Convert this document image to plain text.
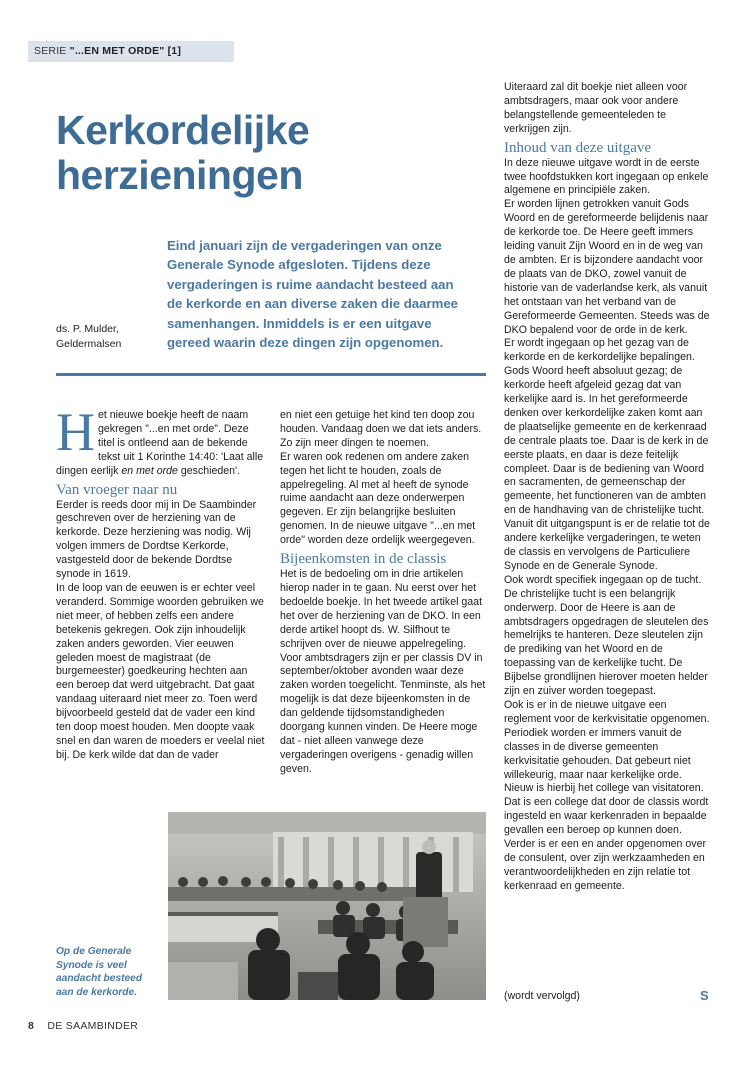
SERIE "...EN MET ORDE" [1]
Kerkordelijke
herzieningen
ds. P. Mulder,
Geldermalsen

Eind januari zijn de vergaderingen van onze Generale Synode afgesloten. Tijdens deze vergaderingen is ruime aandacht besteed aan de kerkorde en aan diverse zaken die daarmee samenhangen. Inmiddels is er een uitgave gereed waarin deze dingen zijn opgenomen.

Het nieuwe boekje heeft de naam gekregen "...en met orde". Deze titel is ontleend aan de bekende tekst uit 1 Korinthe 14:40: 'Laat alle dingen eerlijk en met orde geschieden'.

Van vroeger naar nu

Eerder is reeds door mij in De Saambinder geschreven over de herziening van de kerkorde. Deze herziening was nodig. Wij volgen immers de Dordtse Kerkorde, vastgesteld door de bekende Dordtse synode in 1619.

In de loop van de eeuwen is er echter veel veranderd. Sommige woorden gebruiken we niet meer, of hebben zelfs een andere betekenis gekregen. Ook zijn inhoudelijk zaken anders geworden. Vier eeuwen geleden moest de magistraat (de burgemeester) goedkeuring hechten aan een beroep dat werd uitgebracht. Dat gaat vandaag uiteraard niet meer zo. Toen werd bijvoorbeeld gesteld dat de vader een kind ten doop moest houden. Men doopte vaak snel en dan waren de moeders er veelal niet bij. De kerk wilde dat dan de vader

en niet een getuige het kind ten doop zou houden. Vandaag doen we dat iets anders. Zo zijn meer dingen te noemen.

Er waren ook redenen om andere zaken tegen het licht te houden, zoals de appelregeling. Al met al heeft de synode ruime aandacht aan deze onderwerpen gegeven. Er zijn belangrijke besluiten genomen. In de nieuwe uitgave "...en met orde" worden deze ordelijk weergegeven.

Bijeenkomsten in de classis

Het is de bedoeling om in drie artikelen hierop nader in te gaan. Nu eerst over het bedoelde boekje. In het tweede artikel gaat het over de herziening van de DKO. In een derde artikel hoopt ds. W. Silfhout te schrijven over de nieuwe appelregeling. Voor ambtsdragers zijn er per classis DV in september/oktober avonden waar deze zaken worden toegelicht. Tenminste, als het mogelijk is dat deze bijeenkomsten in de dan geldende tijdsomstandigheden doorgang kunnen vinden. De Heere moge dat - niet alleen vanwege deze vergaderingen overigens - genadig willen geven.

Uiteraard zal dit boekje niet alleen voor ambtsdragers, maar ook voor andere belangstellende gemeenteleden te verkrijgen zijn.

Inhoud van deze uitgave

In deze nieuwe uitgave wordt in de eerste twee hoofdstukken kort ingegaan op enkele algemene en principiële zaken.

Er worden lijnen getrokken vanuit Gods Woord en de gereformeerde belijdenis naar de kerkorde toe. De Heere geeft immers leiding vanuit Zijn Woord en in de weg van de ambten. Er is bijzondere aandacht voor de plaats van de DKO, zowel vanuit de historie van de vaderlandse kerk, als vanuit het ontstaan van het verband van de Gereformeerde Gemeenten. Steeds was de DKO bepalend voor de orde in de kerk.

Er wordt ingegaan op het gezag van de kerkorde en de kerkordelijke bepalingen. Gods Woord heeft absoluut gezag; de kerkorde heeft afgeleid gezag dat van kerkelijke aard is. In het gereformeerde denken over kerkordelijke zaken komt aan de plaatselijke gemeente en de kerkenraad de centrale plaats toe. Daar is de kerk in de eerste plaats, en daar is deze feitelijk compleet. Daar is de bediening van Woord en sacramenten, de gemeenschap der gemeente, het functioneren van de ambten en de handhaving van de christelijke tucht. Vanuit dit uitgangspunt is er de relatie tot de andere kerkelijke vergaderingen, te weten de classis en vervolgens de Particuliere Synode en de Generale Synode.

Ook wordt specifiek ingegaan op de tucht. De christelijke tucht is een belangrijk onderwerp. Door de Heere is aan de ambtsdragers opgedragen de sleutelen des hemelrijks te hanteren. Deze sleutelen zijn de prediking van het Woord en de toepassing van de kerkelijke tucht. De Bijbelse grondlijnen hierover moeten helder zijn en zuiver worden toegepast.

Ook is er in de nieuwe uitgave een reglement voor de kerkvisitatie opgenomen. Periodiek worden er immers vanuit de classes in de diverse gemeenten kerkvisitatie gehouden. Dat gebeurt niet willekeurig, maar naar kerkelijke orde. Nieuw is hierbij het college van visitatoren. Dat is een college dat door de classis wordt ingesteld en waar kerkenraden in bepaalde gevallen een beroep op kunnen doen.

Verder is er een en ander opgenomen over de consulent, over zijn werkzaamheden en verantwoordelijkheden en zijn relatie tot kerkenraad en gemeente.

Op de Generale Synode is veel aandacht besteed aan de kerkorde.	(wordt vervolgd)	S
8 DE SAAMBINDER
